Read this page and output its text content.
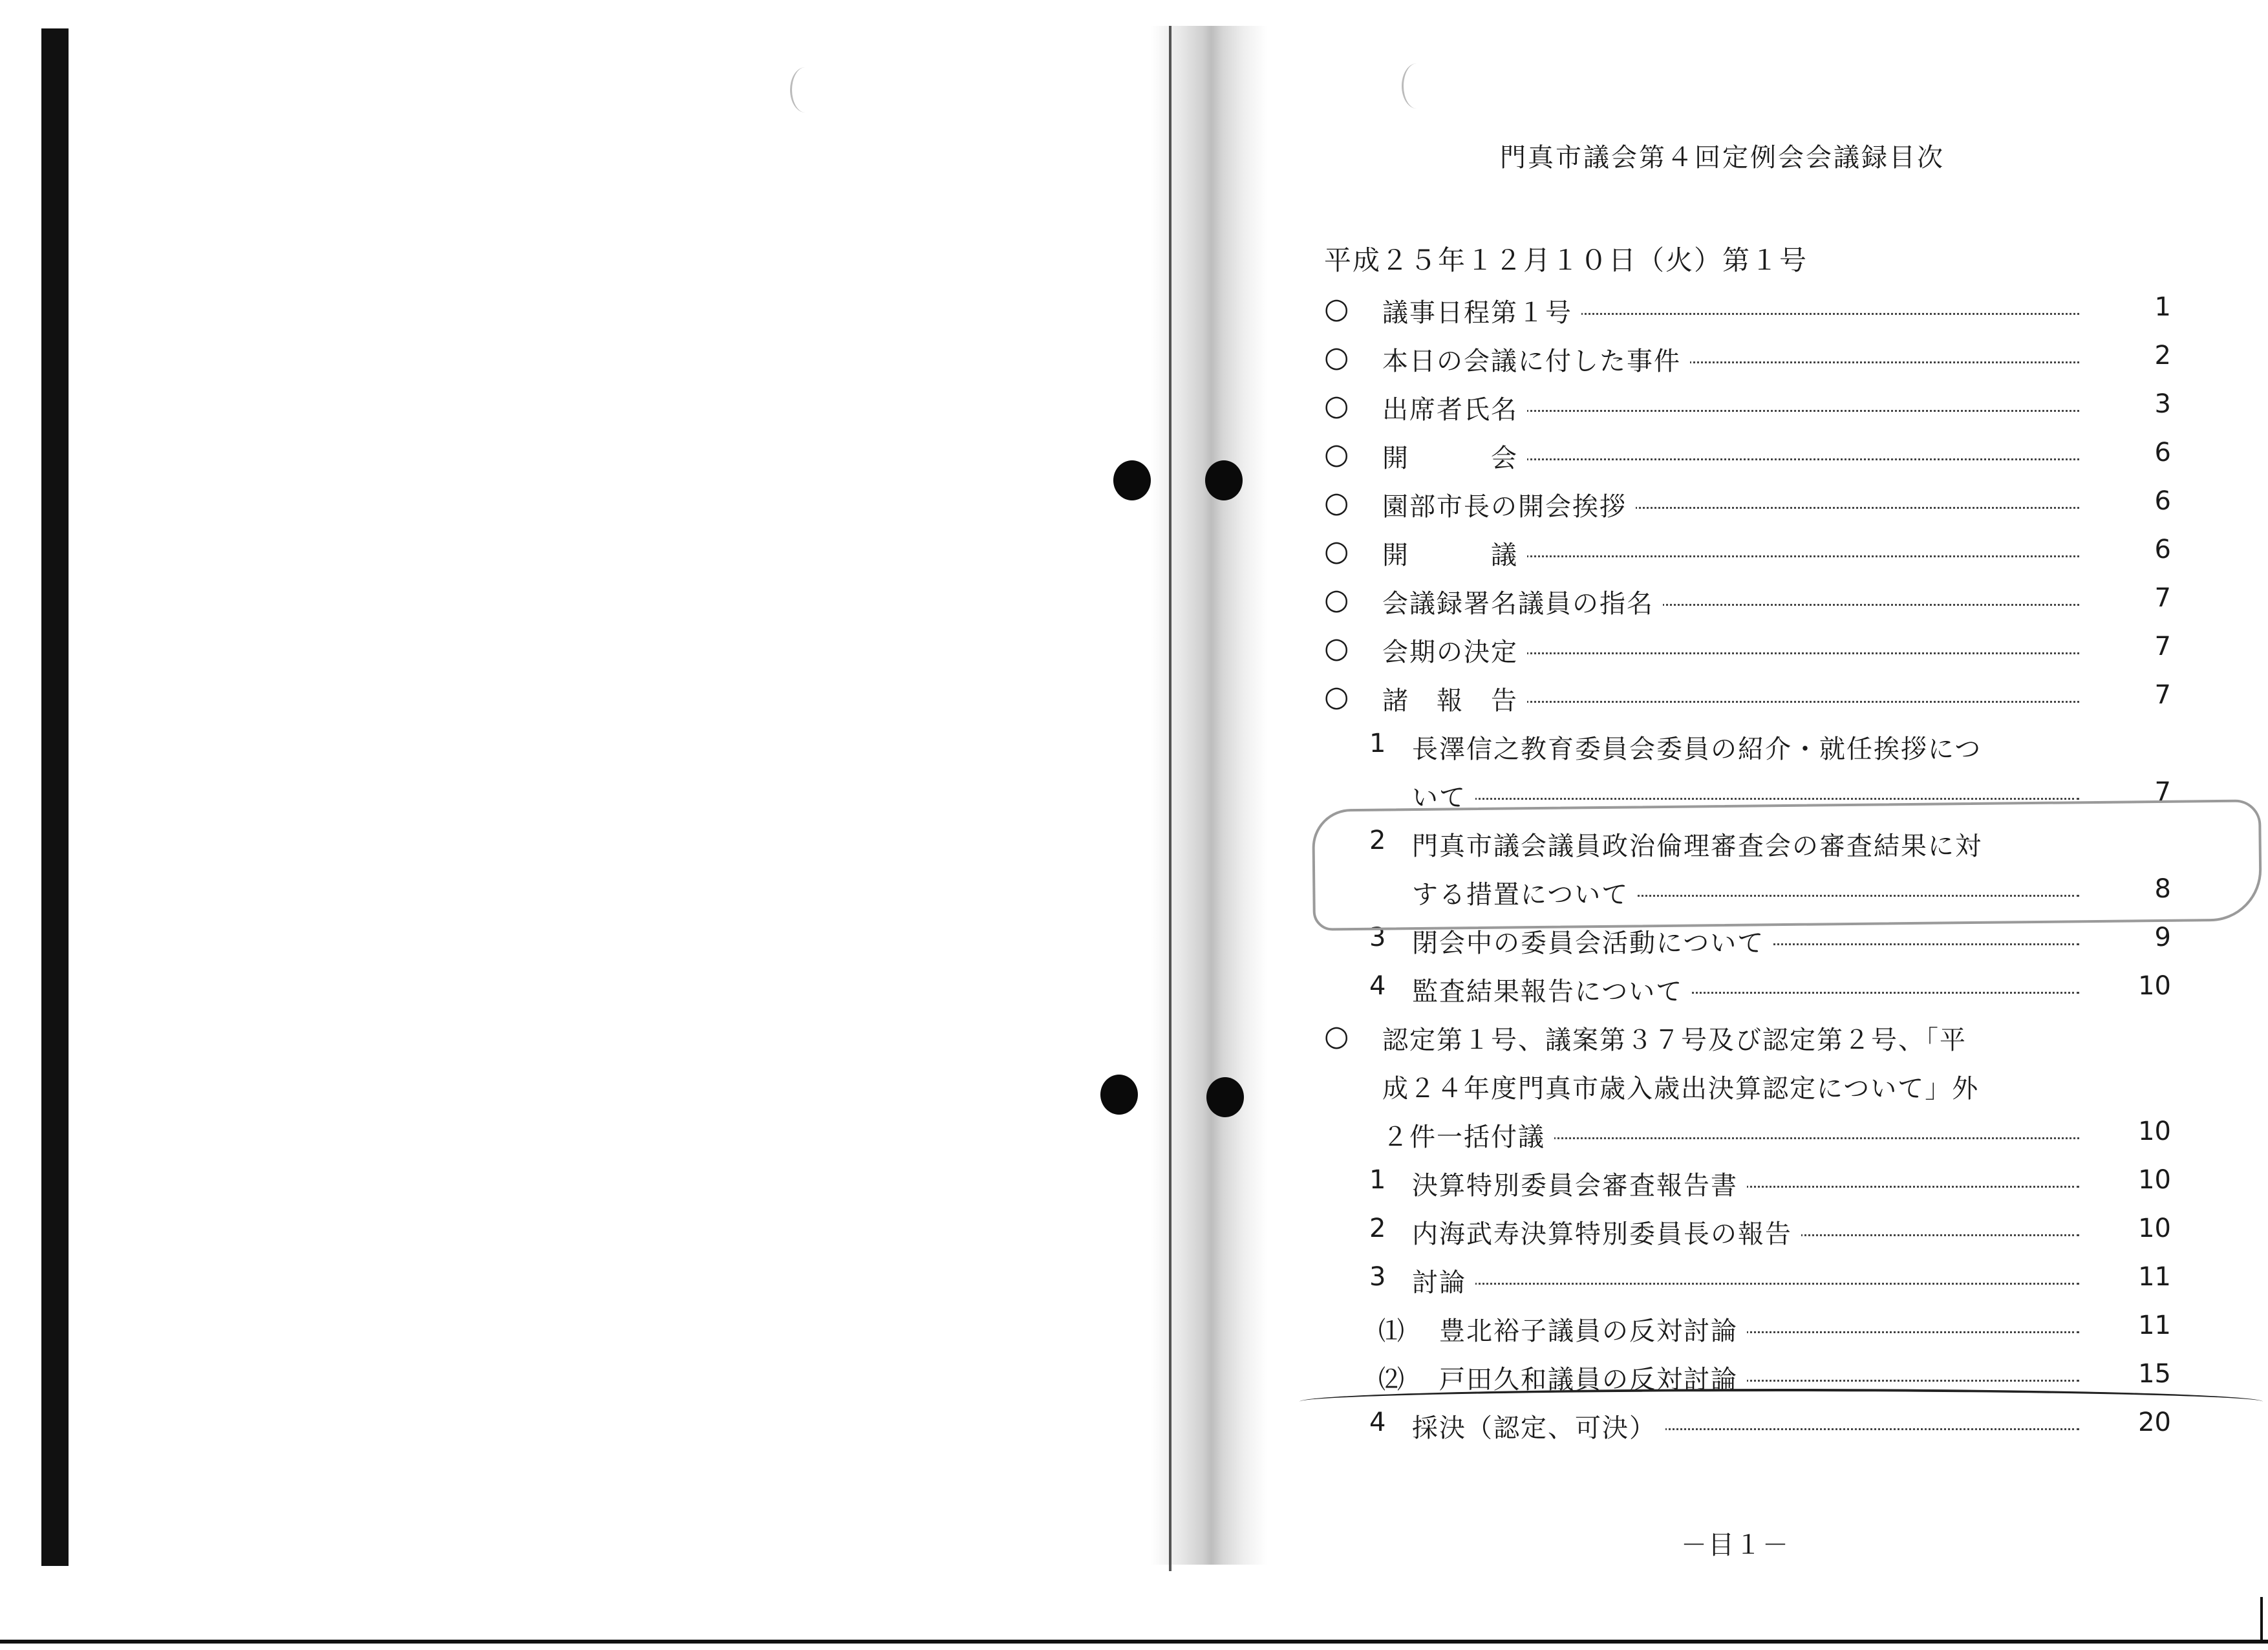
門真市議会第４回定例会会議録目次
平成２５年１２月１０日（火）第１号
○ 議事日程第１号	1
○ 本日の会議に付した事件	2
○ 出席者氏名	3
○ 開　　　会	6
○ 園部市長の開会挨拶	6
○ 開　　　議	6
○ 会議録署名議員の指名	7
○ 会期の決定	7
○ 諸　報　告	7
1 長澤信之教育委員会委員の紹介・就任挨拶につ
いて	7
2 門真市議会議員政治倫理審査会の審査結果に対
する措置について	8
3 閉会中の委員会活動について	9
4 監査結果報告について	10
○ 認定第１号、議案第３７号及び認定第２号、「平
成２４年度門真市歳入歳出決算認定について」外
２件一括付議	10
1 決算特別委員会審査報告書	10
2 内海武寿決算特別委員長の報告	10
3 討論	11
⑴ 豊北裕子議員の反対討論	11
⑵ 戸田久和議員の反対討論	15
4 採決（認定、可決）	20
－目１－
